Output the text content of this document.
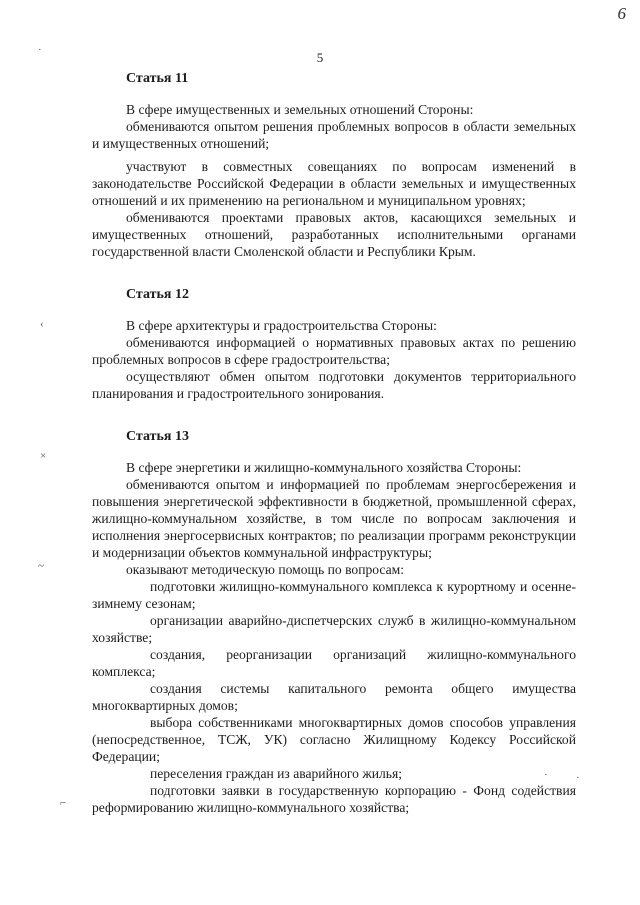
6
5
·
‹
×
~
⌐
˙	·
Статья 11

В сфере имущественных и земельных отношений Стороны:

обмениваются опытом решения проблемных вопросов в области земельных и имущественных отношений;

участвуют в совместных совещаниях по вопросам изменений в законодательстве Российской Федерации в области земельных и имущественных отношений и их применению на региональном и муниципальном уровнях;

обмениваются проектами правовых актов, касающихся земельных и имущественных отношений, разработанных исполнительными органами государственной власти Смоленской области и Республики Крым.

Статья 12

В сфере архитектуры и градостроительства Стороны:

обмениваются информацией о нормативных правовых актах по решению проблемных вопросов в сфере градостроительства;

осуществляют обмен опытом подготовки документов территориального планирования и градостроительного зонирования.

Статья 13

В сфере энергетики и жилищно-коммунального хозяйства Стороны:

обмениваются опытом и информацией по проблемам энергосбережения и повышения энергетической эффективности в бюджетной, промышленной сферах, жилищно-коммунальном хозяйстве, в том числе по вопросам заключения и исполнения энергосервисных контрактов; по реализации программ реконструкции и модернизации объектов коммунальной инфраструктуры;

оказывают методическую помощь по вопросам:

подготовки жилищно-коммунального комплекса к курортному и осенне-зимнему сезонам;

организации аварийно-диспетчерских служб в жилищно-коммунальном хозяйстве;

создания, реорганизации организаций жилищно-коммунального комплекса;

создания системы капитального ремонта общего имущества многоквартирных домов;

выбора собственниками многоквартирных домов способов управления (непосредственное, ТСЖ, УК) согласно Жилищному Кодексу Российской Федерации;

переселения граждан из аварийного жилья;

подготовки заявки в государственную корпорацию - Фонд содействия реформированию жилищно-коммунального хозяйства;
